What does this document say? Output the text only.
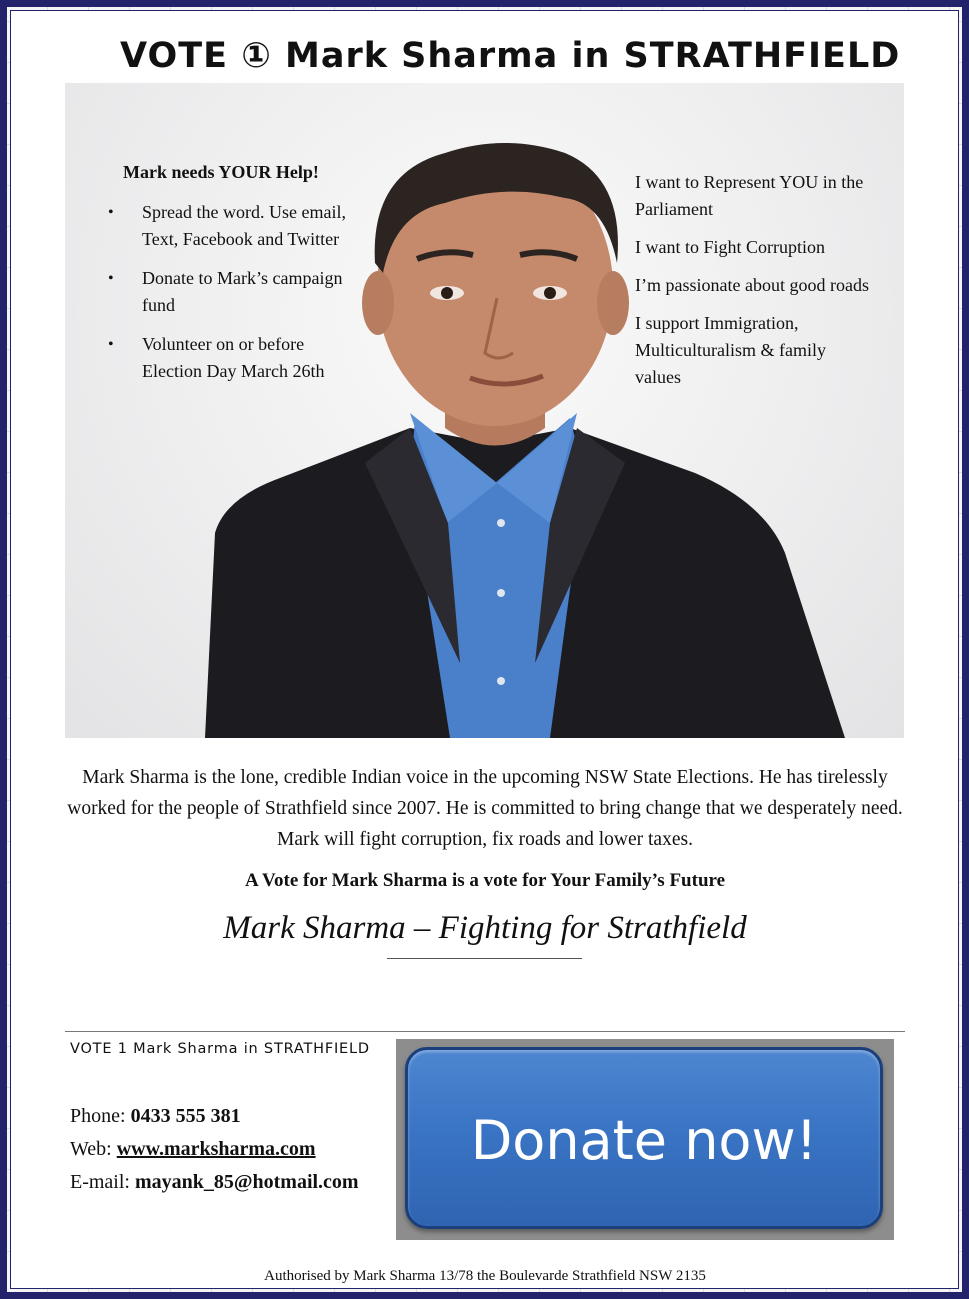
VOTE ① Mark Sharma in STRATHFIELD
Mark needs YOUR Help!
• Spread the word. Use email, Text, Facebook and Twitter
• Donate to Mark’s campaign fund
• Volunteer on or before Election Day March 26th

I want to Represent YOU in the Parliament

I want to Fight Corruption

I’m passionate about good roads

I support Immigration, Multiculturalism & family values

Mark Sharma is the lone, credible Indian voice in the upcoming NSW State Elections. He has tirelessly worked for the people of Strathfield since 2007. He is committed to bring change that we desperately need. Mark will fight corruption, fix roads and lower taxes.
A Vote for Mark Sharma is a vote for Your Family’s Future
Mark Sharma – Fighting for Strathfield
VOTE 1 Mark Sharma in STRATHFIELD
Phone: 0433 555 381
Web: www.marksharma.com
E-mail: mayank_85@hotmail.com
Donate now!
Authorised by Mark Sharma 13/78 the Boulevarde Strathfield NSW 2135
